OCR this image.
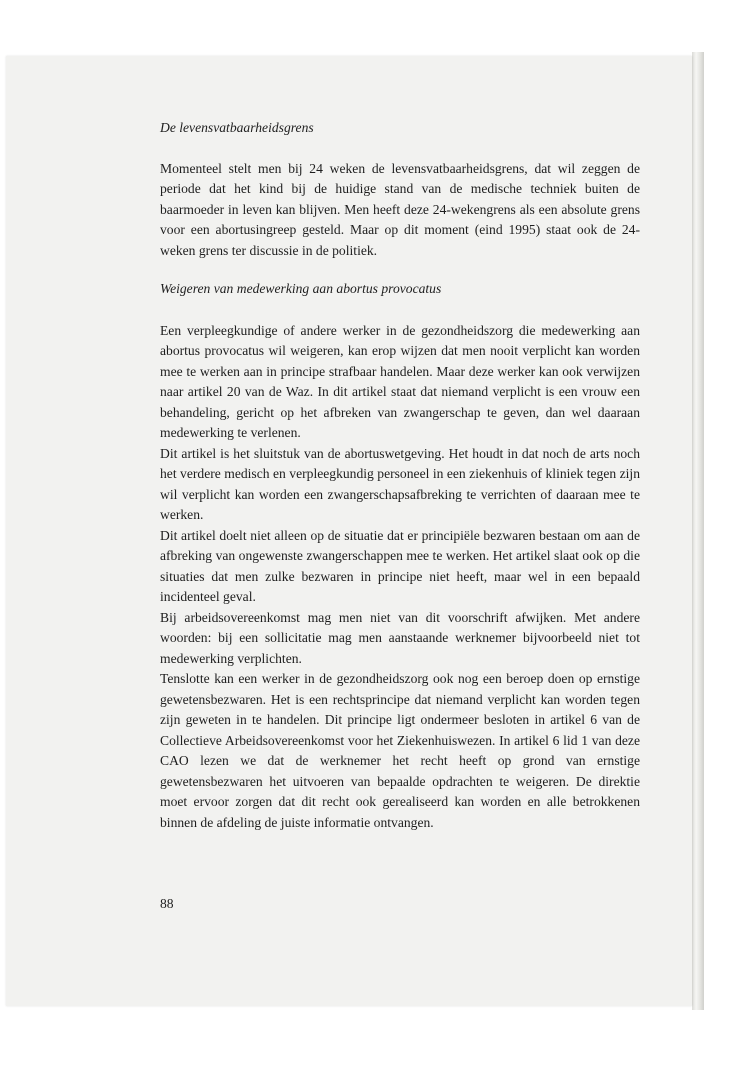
De levensvatbaarheidsgrens

Momenteel stelt men bij 24 weken de levensvatbaarheidsgrens, dat wil zeggen de periode dat het kind bij de huidige stand van de medische techniek buiten de baarmoeder in leven kan blijven. Men heeft deze 24-wekengrens als een absolute grens voor een abortusingreep gesteld. Maar op dit moment (eind 1995) staat ook de 24-weken grens ter discussie in de politiek.

Weigeren van medewerking aan abortus provocatus

Een verpleegkundige of andere werker in de gezondheidszorg die medewerking aan abortus provocatus wil weigeren, kan erop wijzen dat men nooit verplicht kan worden mee te werken aan in principe strafbaar handelen. Maar deze werker kan ook verwijzen naar artikel 20 van de Waz. In dit artikel staat dat niemand verplicht is een vrouw een behandeling, gericht op het afbreken van zwangerschap te geven, dan wel daaraan medewerking te verlenen.

Dit artikel is het sluitstuk van de abortuswetgeving. Het houdt in dat noch de arts noch het verdere medisch en verpleegkundig personeel in een ziekenhuis of kliniek tegen zijn wil verplicht kan worden een zwangerschapsafbreking te verrichten of daaraan mee te werken.

Dit artikel doelt niet alleen op de situatie dat er principiële bezwaren bestaan om aan de afbreking van ongewenste zwangerschappen mee te werken. Het artikel slaat ook op die situaties dat men zulke bezwaren in principe niet heeft, maar wel in een bepaald incidenteel geval.

Bij arbeidsovereenkomst mag men niet van dit voorschrift afwijken. Met andere woorden: bij een sollicitatie mag men aanstaande werknemer bijvoorbeeld niet tot medewerking verplichten.

Tenslotte kan een werker in de gezondheidszorg ook nog een beroep doen op ernstige gewetensbezwaren. Het is een rechtsprincipe dat niemand verplicht kan worden tegen zijn geweten in te handelen. Dit principe ligt ondermeer besloten in artikel 6 van de Collectieve Arbeidsovereenkomst voor het Ziekenhuiswezen. In artikel 6 lid 1 van deze CAO lezen we dat de werknemer het recht heeft op grond van ernstige gewetensbezwaren het uitvoeren van bepaalde opdrachten te weigeren. De direktie moet ervoor zorgen dat dit recht ook gerealiseerd kan worden en alle betrokkenen binnen de afdeling de juiste informatie ontvangen.

88
